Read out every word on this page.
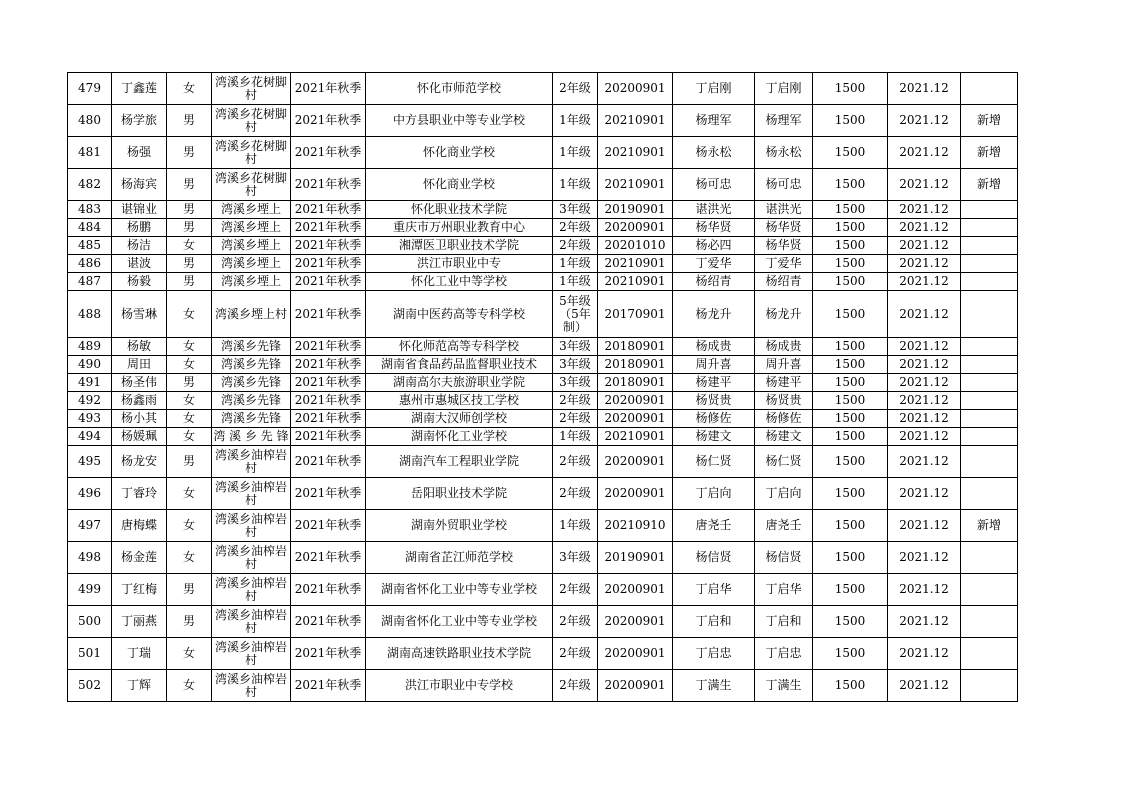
479	丁鑫莲	女	湾溪乡花树脚村	2021年秋季	怀化市师范学校	2年级	20200901	丁启刚	丁启刚	1500	2021.12	
480	杨学旅	男	湾溪乡花树脚村	2021年秋季	中方县职业中等专业学校	1年级	20210901	杨理军	杨理军	1500	2021.12	新增
481	杨强	男	湾溪乡花树脚村	2021年秋季	怀化商业学校	1年级	20210901	杨永松	杨永松	1500	2021.12	新增
482	杨海宾	男	湾溪乡花树脚村	2021年秋季	怀化商业学校	1年级	20210901	杨可忠	杨可忠	1500	2021.12	新增
483	谌锦业	男	湾溪乡堙上	2021年秋季	怀化职业技术学院	3年级	20190901	谌洪光	谌洪光	1500	2021.12	
484	杨鹏	男	湾溪乡堙上	2021年秋季	重庆市万州职业教育中心	2年级	20200901	杨华贤	杨华贤	1500	2021.12	
485	杨洁	女	湾溪乡堙上	2021年秋季	湘潭医卫职业技术学院	2年级	20201010	杨必四	杨华贤	1500	2021.12	
486	谌波	男	湾溪乡堙上	2021年秋季	洪江市职业中专	1年级	20210901	丁爱华	丁爱华	1500	2021.12	
487	杨毅	男	湾溪乡堙上	2021年秋季	怀化工业中等学校	1年级	20210901	杨绍青	杨绍青	1500	2021.12	
488	杨雪琳	女	湾溪乡堙上村	2021年秋季	湖南中医药高等专科学校	5年级（5年制）	20170901	杨龙升	杨龙升	1500	2021.12	
489	杨敏	女	湾溪乡先锋	2021年秋季	怀化师范高等专科学校	3年级	20180901	杨成贵	杨成贵	1500	2021.12	
490	周田	女	湾溪乡先锋	2021年秋季	湖南省食品药品监督职业技术	3年级	20180901	周升喜	周升喜	1500	2021.12	
491	杨圣伟	男	湾溪乡先锋	2021年秋季	湖南高尔夫旅游职业学院	3年级	20180901	杨建平	杨建平	1500	2021.12	
492	杨鑫雨	女	湾溪乡先锋	2021年秋季	惠州市惠城区技工学校	2年级	20200901	杨贤贵	杨贤贵	1500	2021.12	
493	杨小其	女	湾溪乡先锋	2021年秋季	湖南大汉师创学校	2年级	20200901	杨修佐	杨修佐	1500	2021.12	
494	杨媛珮	女	湾 溪 乡 先 锋	2021年秋季	湖南怀化工业学校	1年级	20210901	杨建文	杨建文	1500	2021.12	
495	杨龙安	男	湾溪乡油榨岩村	2021年秋季	湖南汽车工程职业学院	2年级	20200901	杨仁贤	杨仁贤	1500	2021.12	
496	丁睿玲	女	湾溪乡油榨岩村	2021年秋季	岳阳职业技术学院	2年级	20200901	丁启向	丁启向	1500	2021.12	
497	唐梅蝶	女	湾溪乡油榨岩村	2021年秋季	湖南外贸职业学校	1年级	20210910	唐尧壬	唐尧壬	1500	2021.12	新增
498	杨金莲	女	湾溪乡油榨岩村	2021年秋季	湖南省芷江师范学校	3年级	20190901	杨信贤	杨信贤	1500	2021.12	
499	丁红梅	男	湾溪乡油榨岩村	2021年秋季	湖南省怀化工业中等专业学校	2年级	20200901	丁启华	丁启华	1500	2021.12	
500	丁丽燕	男	湾溪乡油榨岩村	2021年秋季	湖南省怀化工业中等专业学校	2年级	20200901	丁启和	丁启和	1500	2021.12	
501	丁瑞	女	湾溪乡油榨岩村	2021年秋季	湖南高速铁路职业技术学院	2年级	20200901	丁启忠	丁启忠	1500	2021.12	
502	丁辉	女	湾溪乡油榨岩村	2021年秋季	洪江市职业中专学校	2年级	20200901	丁满生	丁满生	1500	2021.12	
